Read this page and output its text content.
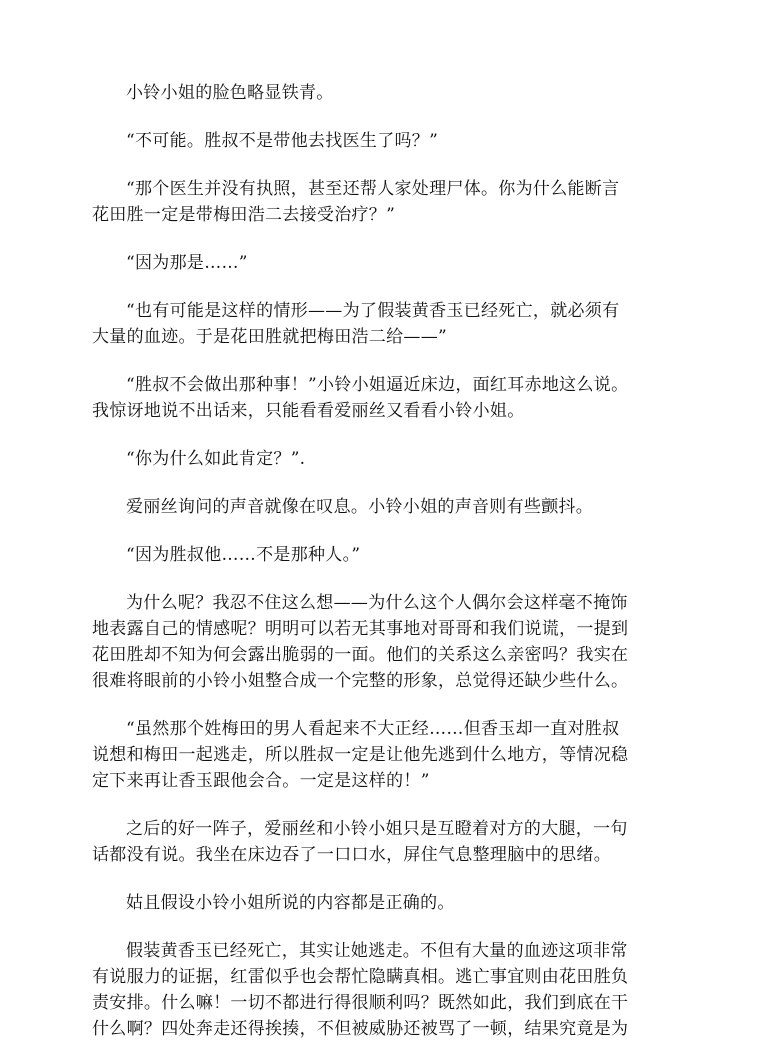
小铃小姐的脸色略显铁青。

“不可能。胜叔不是带他去找医生了吗？”

“那个医生并没有执照，甚至还帮人家处理尸体。你为什么能断言
花田胜一定是带梅田浩二去接受治疗？”

“因为那是……”

“也有可能是这样的情形——为了假装黄香玉已经死亡，就必须有
大量的血迹。于是花田胜就把梅田浩二给——”

“胜叔不会做出那种事！”小铃小姐逼近床边，面红耳赤地这么说。
我惊讶地说不出话来，只能看看爱丽丝又看看小铃小姐。

“你为什么如此肯定？”.

爱丽丝询问的声音就像在叹息。小铃小姐的声音则有些颤抖。

“因为胜叔他……不是那种人。”

为什么呢？我忍不住这么想——为什么这个人偶尔会这样毫不掩饰
地表露自己的情感呢？明明可以若无其事地对哥哥和我们说谎，一提到
花田胜却不知为何会露出脆弱的一面。他们的关系这么亲密吗？我实在
很难将眼前的小铃小姐整合成一个完整的形象，总觉得还缺少些什么。

“虽然那个姓梅田的男人看起来不大正经……但香玉却一直对胜叔
说想和梅田一起逃走，所以胜叔一定是让他先逃到什么地方，等情况稳
定下来再让香玉跟他会合。一定是这样的！”

之后的好一阵子，爱丽丝和小铃小姐只是互瞪着对方的大腿，一句
话都没有说。我坐在床边吞了一口口水，屏住气息整理脑中的思绪。

姑且假设小铃小姐所说的内容都是正确的。

假装黄香玉已经死亡，其实让她逃走。不但有大量的血迹这项非常
有说服力的证据，红雷似乎也会帮忙隐瞒真相。逃亡事宜则由花田胜负
责安排。什么嘛！一切不都进行得很顺利吗？既然如此，我们到底在干
什么啊？四处奔走还得挨揍，不但被威胁还被骂了一顿，结果究竟是为
